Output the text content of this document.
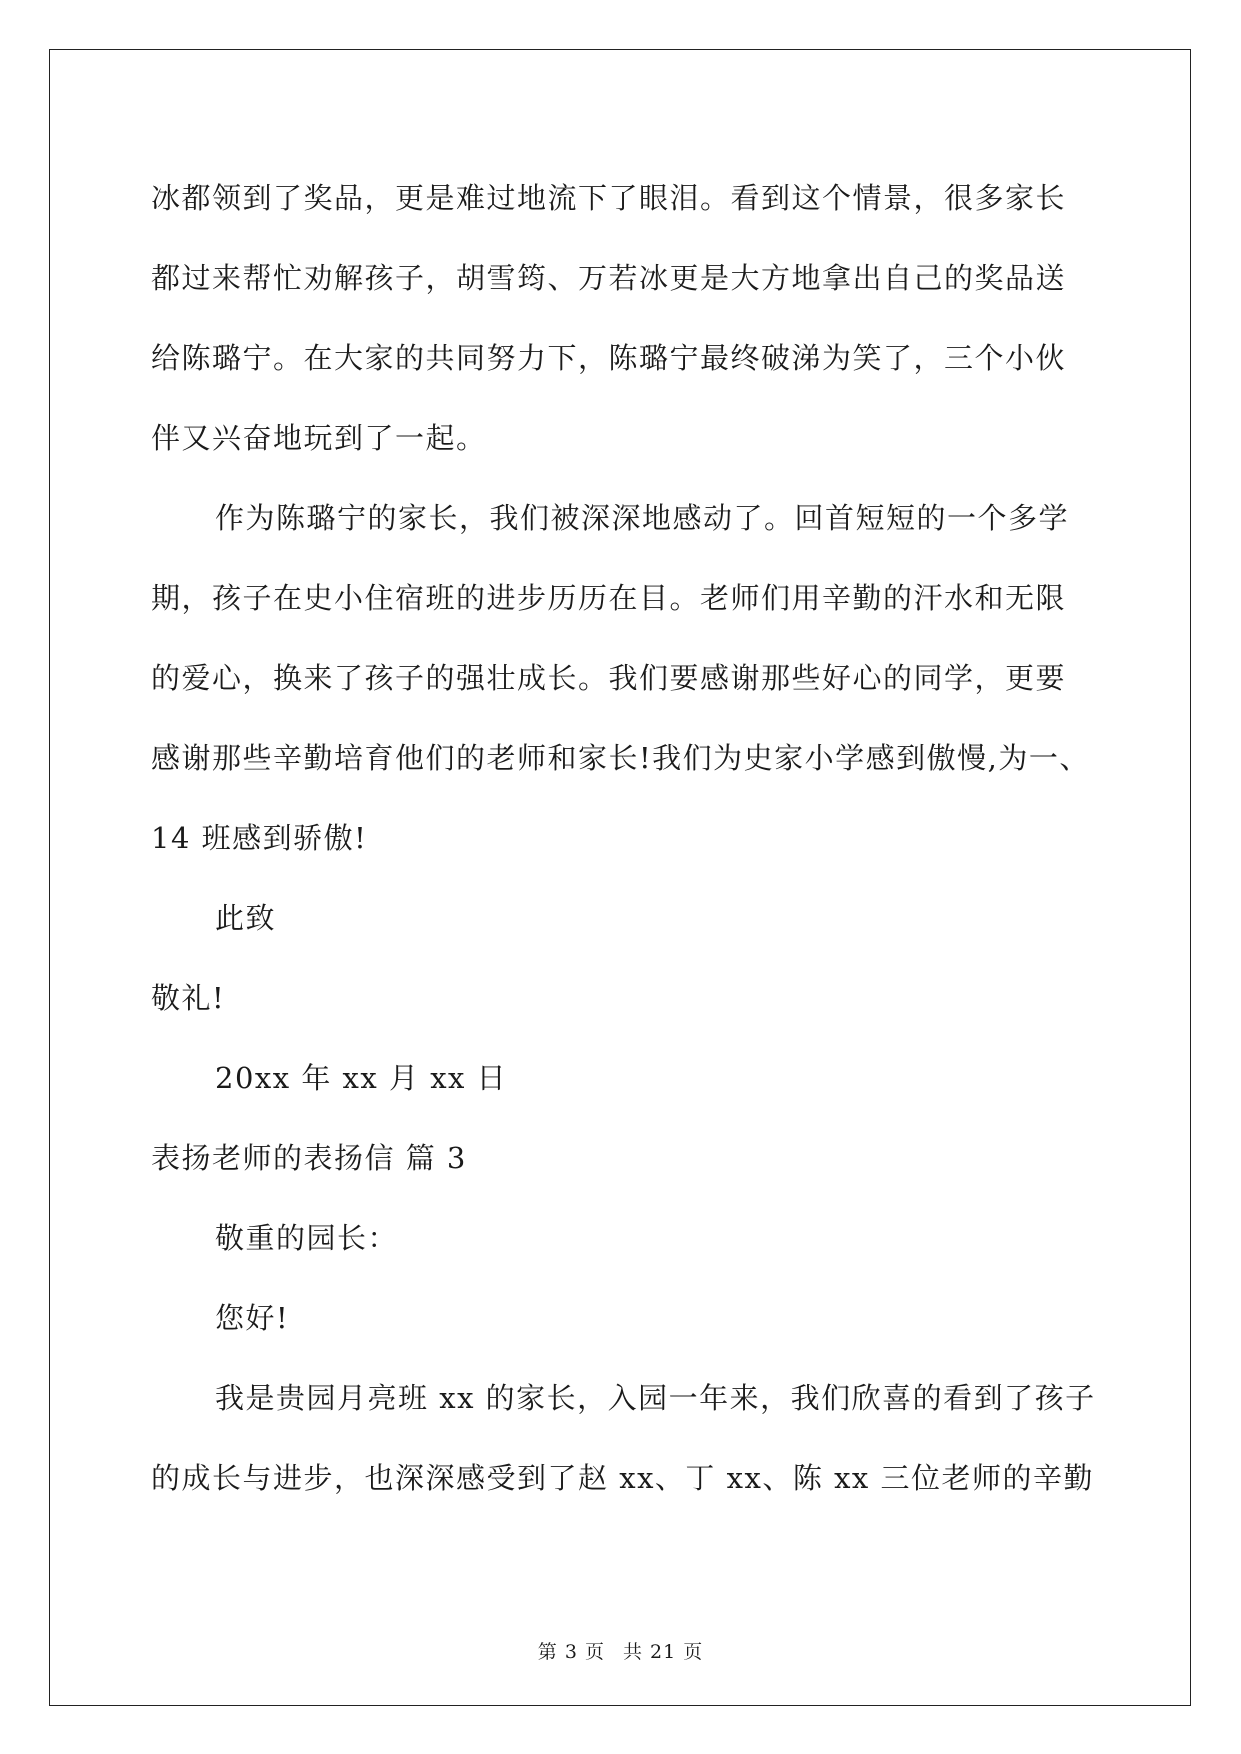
冰都领到了奖品，更是难过地流下了眼泪。看到这个情景，很多家长
都过来帮忙劝解孩子，胡雪筠、万若冰更是大方地拿出自己的奖品送
给陈璐宁。在大家的共同努力下，陈璐宁最终破涕为笑了，三个小伙
伴又兴奋地玩到了一起。
作为陈璐宁的家长，我们被深深地感动了。回首短短的一个多学
期，孩子在史小住宿班的进步历历在目。老师们用辛勤的汗水和无限
的爱心，换来了孩子的强壮成长。我们要感谢那些好心的同学，更要
感谢那些辛勤培育他们的老师和家长!我们为史家小学感到傲慢,为一、
14 班感到骄傲!
此致
敬礼!
20xx 年 xx 月 xx 日
表扬老师的表扬信 篇 3
敬重的园长：
您好!
我是贵园月亮班 xx 的家长，入园一年来，我们欣喜的看到了孩子
的成长与进步，也深深感受到了赵 xx、丁 xx、陈 xx 三位老师的辛勤
第 3 页 共 21 页
